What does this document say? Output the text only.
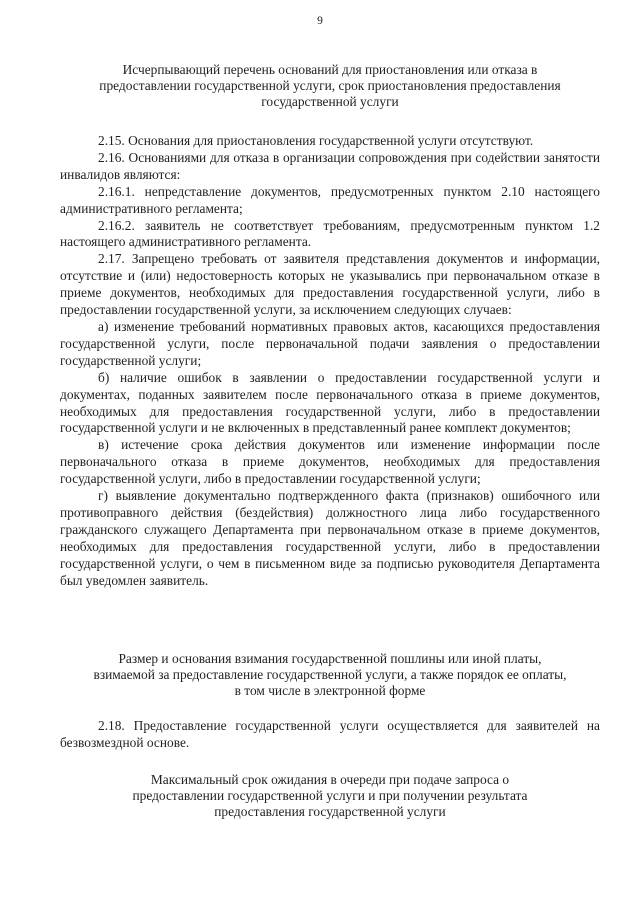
9
Исчерпывающий перечень оснований для приостановления или отказа в
предоставлении государственной услуги, срок приостановления предоставления
государственной услуги

2.15. Основания для приостановления государственной услуги отсутствуют.

2.16. Основаниями для отказа в организации сопровождения при содействии занятости инвалидов являются:

2.16.1. непредставление документов, предусмотренных пунктом 2.10 настоящего административного регламента;

2.16.2. заявитель не соответствует требованиям, предусмотренным пунктом 1.2 настоящего административного регламента.

2.17. Запрещено требовать от заявителя представления документов и информации, отсутствие и (или) недостоверность которых не указывались при первоначальном отказе в приеме документов, необходимых для предоставления государственной услуги, либо в предоставлении государственной услуги, за исключением следующих случаев:

а) изменение требований нормативных правовых актов, касающихся предоставления государственной услуги, после первоначальной подачи заявления о предоставлении государственной услуги;

б) наличие ошибок в заявлении о предоставлении государственной услуги и документах, поданных заявителем после первоначального отказа в приеме документов, необходимых для предоставления государственной услуги, либо в предоставлении государственной услуги и не включенных в представленный ранее комплект документов;

в) истечение срока действия документов или изменение информации после первоначального отказа в приеме документов, необходимых для предоставления государственной услуги, либо в предоставлении государственной услуги;

г) выявление документально подтвержденного факта (признаков) ошибочного или противоправного действия (бездействия) должностного лица либо государственного гражданского служащего Департамента при первоначальном отказе в приеме документов, необходимых для предоставления государственной услуги, либо в предоставлении государственной услуги, о чем в письменном виде за подписью руководителя Департамента был уведомлен заявитель.

Размер и основания взимания государственной пошлины или иной платы,
взимаемой за предоставление государственной услуги, а также порядок ее оплаты,
в том числе в электронной форме

2.18. Предоставление государственной услуги осуществляется для заявителей на безвозмездной основе.

Максимальный срок ожидания в очереди при подаче запроса о
предоставлении государственной услуги и при получении результата
предоставления государственной услуги
